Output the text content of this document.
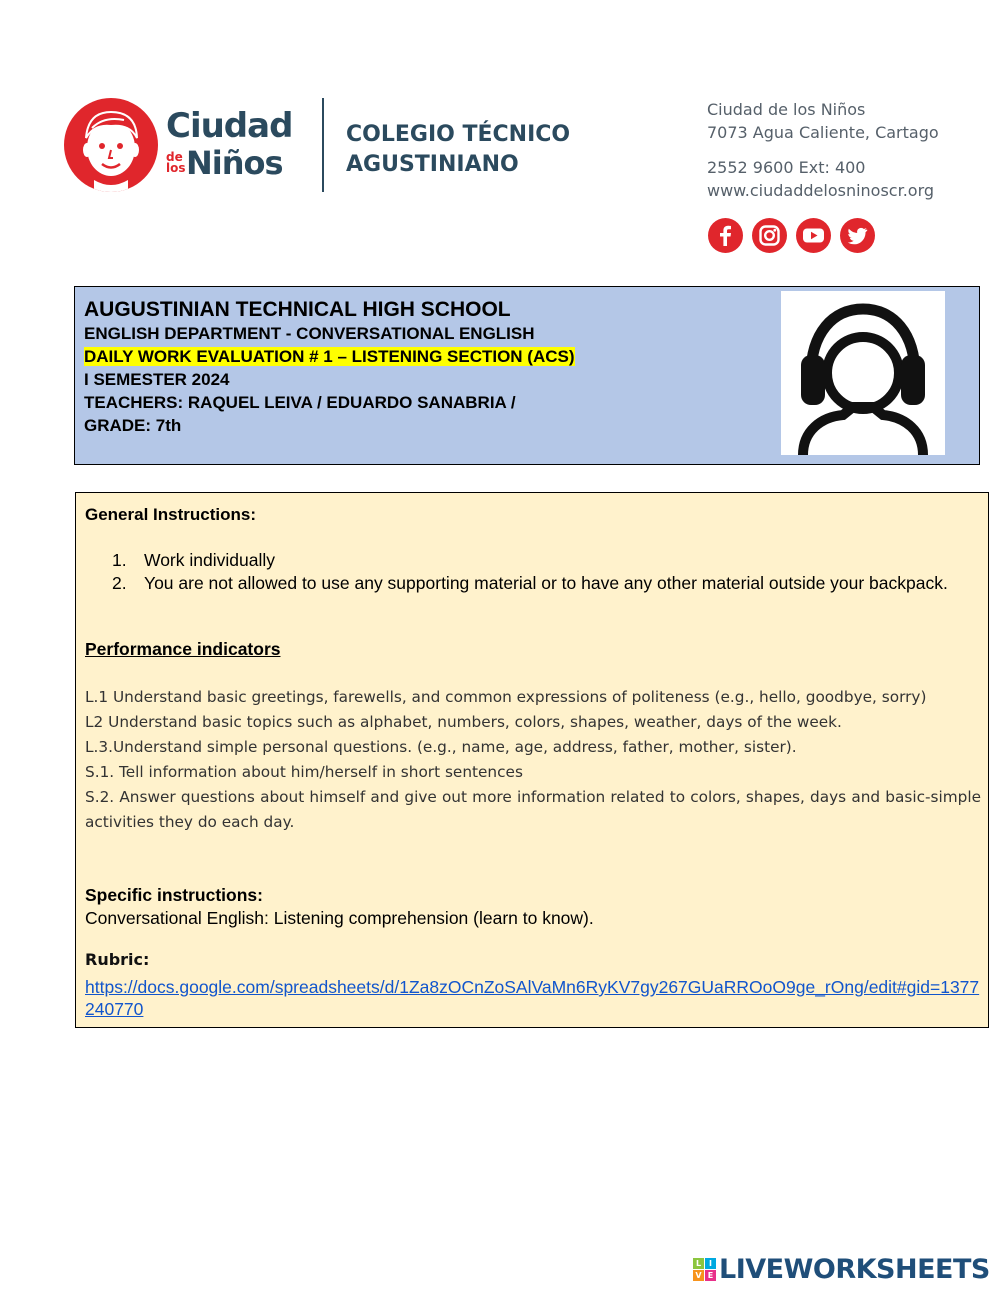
Ciudad
de
los Niños
COLEGIO TÉCNICO
AGUSTINIANO
Ciudad de los Niños
7073 Agua Caliente, Cartago
2552 9600 Ext: 400
www.ciudaddelosninoscr.org
AUGUSTINIAN TECHNICAL HIGH SCHOOL
ENGLISH DEPARTMENT - CONVERSATIONAL ENGLISH
DAILY WORK EVALUATION # 1 – LISTENING SECTION (ACS)
I SEMESTER 2024
TEACHERS: RAQUEL LEIVA / EDUARDO SANABRIA /
GRADE: 7th
General Instructions:
1. Work individually
2. You are not allowed to use any supporting material or to have any other material outside your backpack.
Performance indicators

L.1 Understand basic greetings, farewells, and common expressions of politeness (e.g., hello, goodbye, sorry)

L2 Understand basic topics such as alphabet, numbers, colors, shapes, weather, days of the week.

L.3.Understand simple personal questions. (e.g., name, age, address, father, mother, sister).

S.1. Tell information about him/herself in short sentences

S.2. Answer questions about himself and give out more information related to colors, shapes, days and basic-simple activities they do each day.

Specific instructions:
Conversational English: Listening comprehension (learn to know).
Rubric:
https://docs.google.com/spreadsheets/d/1Za8zOCnZoSAlVaMn6RyKV7gy267GUaRROoO9ge_rOng/edit#gid=1377240770
L I
V E LIVEWORKSHEETS
